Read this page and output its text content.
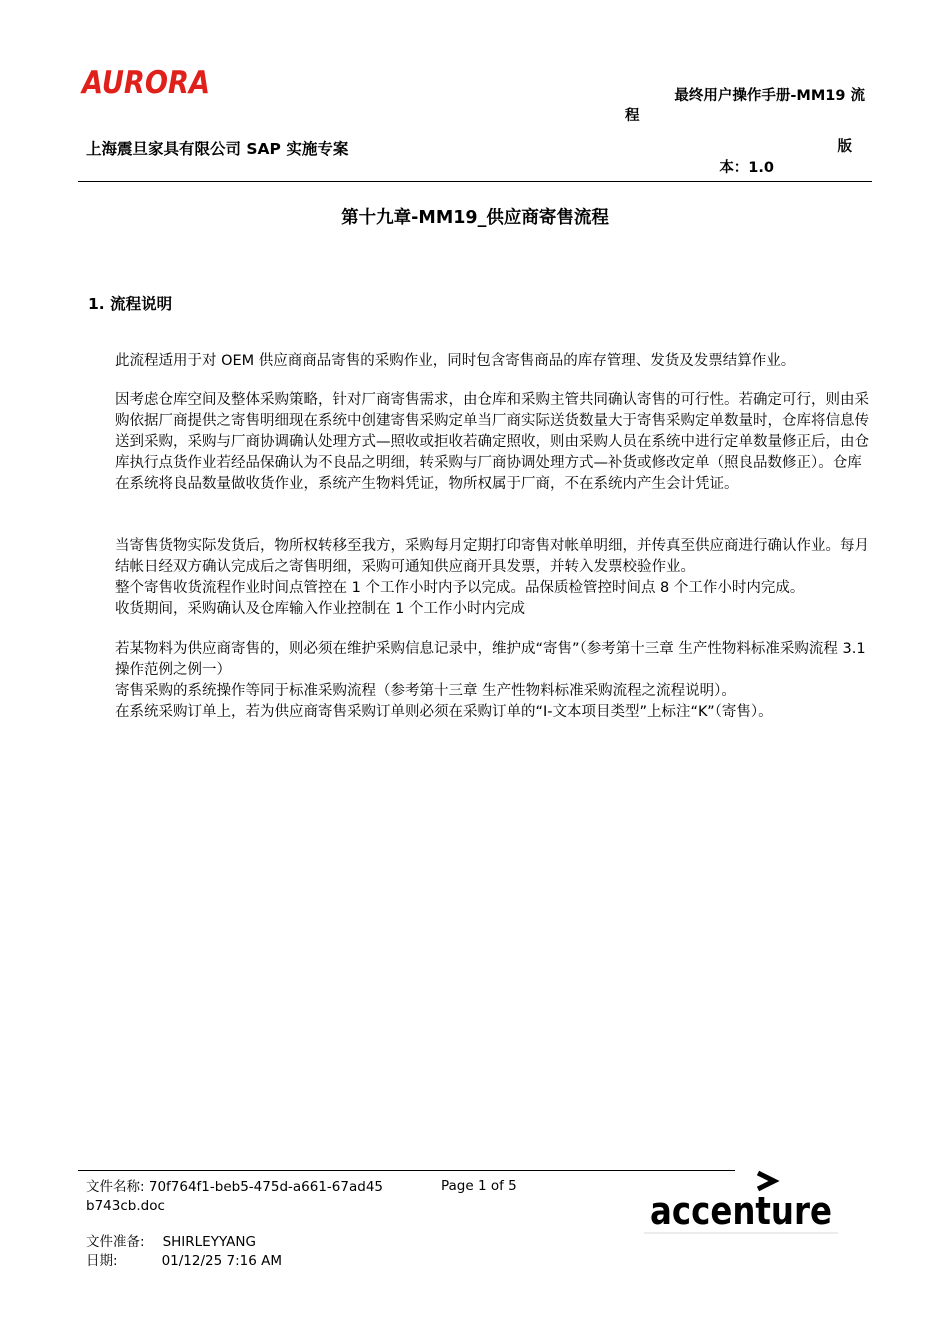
AURORA	最终用户操作手册-MM19 流
程
上海震旦家具有限公司 SAP 实施专案	版
本：1.0
第十九章-MM19_供应商寄售流程
1. 流程说明
此流程适用于对 OEM 供应商商品寄售的采购作业，同时包含寄售商品的库存管理、发货及发票结算作业。
因考虑仓库空间及整体采购策略，针对厂商寄售需求，由仓库和采购主管共同确认寄售的可行性。若确定可行，则由采购依据厂商提供之寄售明细现在系统中创建寄售采购定单当厂商实际送货数量大于寄售采购定单数量时，仓库将信息传送到采购，采购与厂商协调确认处理方式—照收或拒收若确定照收，则由采购人员在系统中进行定单数量修正后，由仓库执行点货作业若经品保确认为不良品之明细，转采购与厂商协调处理方式—补货或修改定单（照良品数修正）。仓库在系统将良品数量做收货作业，系统产生物料凭证，物所权属于厂商，不在系统内产生会计凭证。
当寄售货物实际发货后，物所权转移至我方，采购每月定期打印寄售对帐单明细，并传真至供应商进行确认作业。每月结帐日经双方确认完成后之寄售明细，采购可通知供应商开具发票，并转入发票校验作业。
整个寄售收货流程作业时间点管控在 1 个工作小时内予以完成。品保质检管控时间点 8 个工作小时内完成。
收货期间，采购确认及仓库输入作业控制在 1 个工作小时内完成
若某物料为供应商寄售的，则必须在维护采购信息记录中，维护成“寄售”（参考第十三章 生产性物料标准采购流程 3.1 操作范例之例一）
寄售采购的系统操作等同于标准采购流程（参考第十三章 生产性物料标准采购流程之流程说明）。
在系统采购订单上，若为供应商寄售采购订单则必须在采购订单的“I-文本项目类型”上标注“K”（寄售）。
文件名称: 70f764f1-beb5-475d-a661-67ad45b743cb.doc
Page 1 of 5
文件准备: SHIRLEYYANG
日期:	01/12/25 7:16 AM
accenture
